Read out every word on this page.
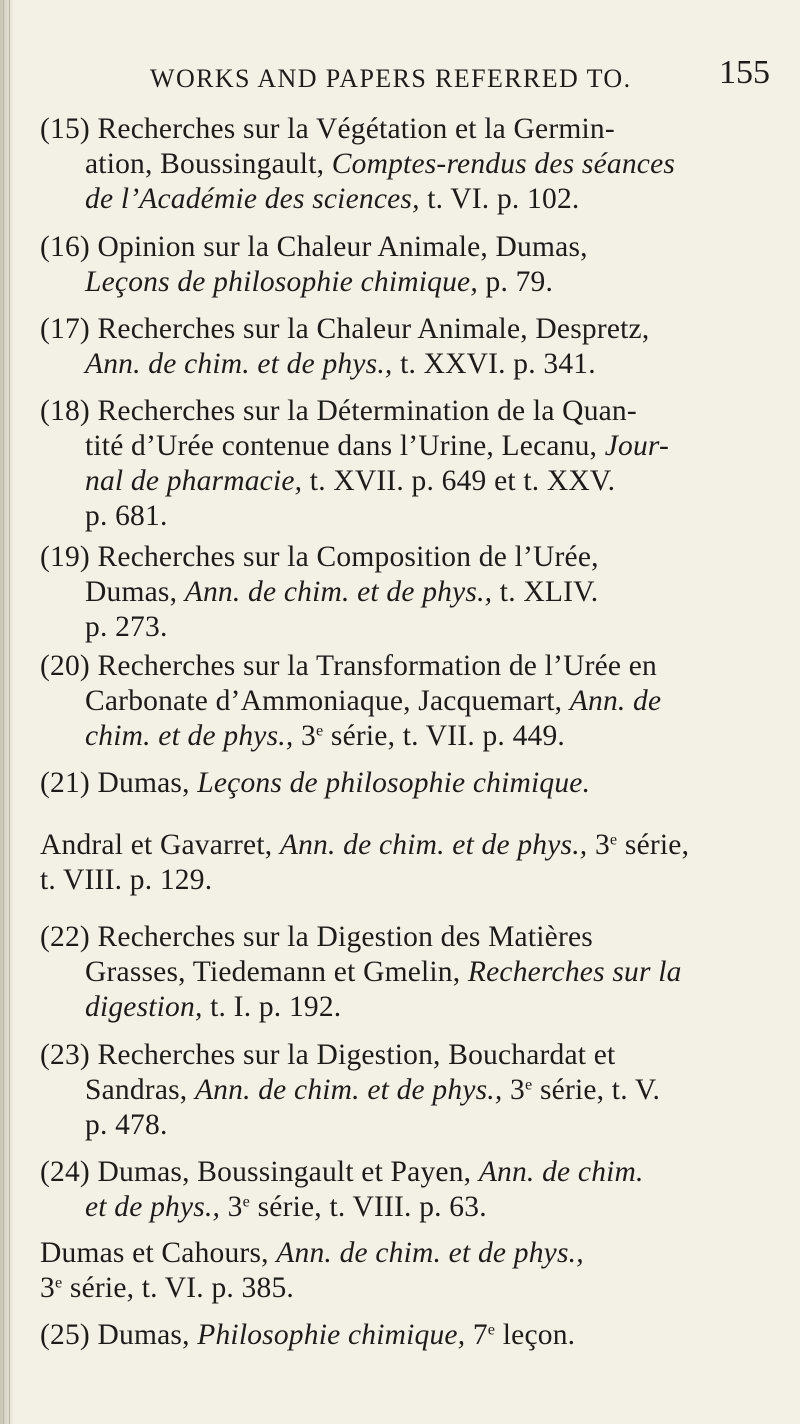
WORKS AND PAPERS REFERRED TO.	155
(15) Recherches sur la Végétation et la Germin-
ation, Boussingault, Comptes-rendus des séances
de l’Académie des sciences, t. VI. p. 102.
(16) Opinion sur la Chaleur Animale, Dumas,
Leçons de philosophie chimique, p. 79.
(17) Recherches sur la Chaleur Animale, Despretz,
Ann. de chim. et de phys., t. XXVI. p. 341.
(18) Recherches sur la Détermination de la Quan-
tité d’Urée contenue dans l’Urine, Lecanu, Jour-
nal de pharmacie, t. XVII. p. 649 et t. XXV.
p. 681.
(19) Recherches sur la Composition de l’Urée,
Dumas, Ann. de chim. et de phys., t. XLIV.
p. 273.
(20) Recherches sur la Transformation de l’Urée en
Carbonate d’Ammoniaque, Jacquemart, Ann. de
chim. et de phys., 3e série, t. VII. p. 449.
(21) Dumas, Leçons de philosophie chimique.
Andral et Gavarret, Ann. de chim. et de phys., 3e série,
t. VIII. p. 129.
(22) Recherches sur la Digestion des Matières
Grasses, Tiedemann et Gmelin, Recherches sur la
digestion, t. I. p. 192.
(23) Recherches sur la Digestion, Bouchardat et
Sandras, Ann. de chim. et de phys., 3e série, t. V.
p. 478.
(24) Dumas, Boussingault et Payen, Ann. de chim.
et de phys., 3e série, t. VIII. p. 63.
Dumas et Cahours, Ann. de chim. et de phys.,
3e série, t. VI. p. 385.
(25) Dumas, Philosophie chimique, 7e leçon.
